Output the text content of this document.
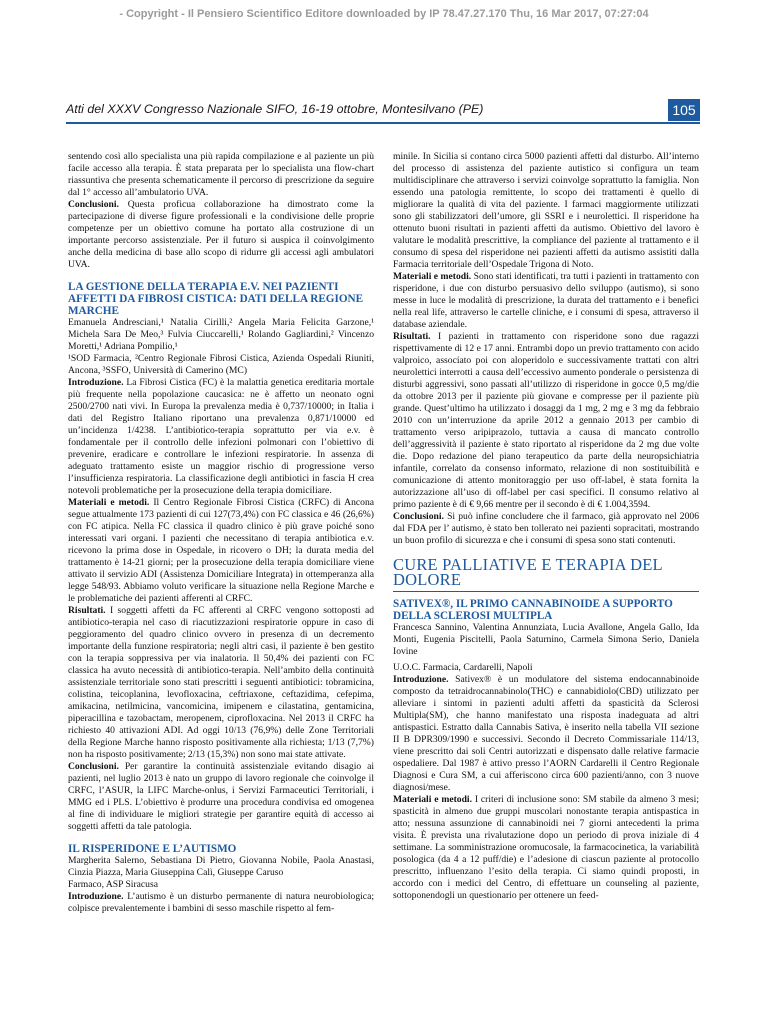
- Copyright - Il Pensiero Scientifico Editore downloaded by IP 78.47.27.170 Thu, 16 Mar 2017, 07:27:04
Atti del XXXV Congresso Nazionale SIFO, 16-19 ottobre, Montesilvano (PE)	105

sentendo così allo specialista una più rapida compilazione e al paziente un più facile accesso alla terapia. È stata preparata per lo specialista una flow-chart riassuntiva che presenta schematicamente il percorso di prescrizione da seguire dal 1° accesso all’ambulatorio UVA.

Conclusioni. Questa proficua collaborazione ha dimostrato come la partecipazione di diverse figure professionali e la condivisione delle proprie competenze per un obiettivo comune ha portato alla costruzione di un importante percorso assistenziale. Per il futuro si auspica il coinvolgimento anche della medicina di base allo scopo di ridurre gli accessi agli ambulatori UVA.

LA GESTIONE DELLA TERAPIA E.V. NEI PAZIENTI AFFETTI DA FIBROSI CISTICA: DATI DELLA REGIONE MARCHE

Emanuela Andresciani,¹ Natalia Cirilli,² Angela Maria Felicita Garzone,¹ Michela Sara De Meo,³ Fulvia Ciuccarelli,¹ Rolando Gagliardini,² Vincenzo Moretti,¹ Adriana Pompilio,¹

¹SOD Farmacia, ²Centro Regionale Fibrosi Cistica, Azienda Ospedali Riuniti, Ancona, ³SSFO, Università di Camerino (MC)

Introduzione. La Fibrosi Cistica (FC) è la malattia genetica ereditaria mortale più frequente nella popolazione caucasica: ne è affetto un neonato ogni 2500/2700 nati vivi. In Europa la prevalenza media è 0,737/10000; in Italia i dati del Registro Italiano riportano una prevalenza 0,871/10000 ed un’incidenza 1/4238. L’antibiotico-terapia soprattutto per via e.v. è fondamentale per il controllo delle infezioni polmonari con l’obiettivo di prevenire, eradicare e controllare le infezioni respiratorie. In assenza di adeguato trattamento esiste un maggior rischio di progressione verso l’insufficienza respiratoria. La classificazione degli antibiotici in fascia H crea notevoli problematiche per la prosecuzione della terapia domiciliare.

Materiali e metodi. Il Centro Regionale Fibrosi Cistica (CRFC) di Ancona segue attualmente 173 pazienti di cui 127(73,4%) con FC classica e 46 (26,6%) con FC atipica. Nella FC classica il quadro clinico è più grave poiché sono interessati vari organi. I pazienti che necessitano di terapia antibiotica e.v. ricevono la prima dose in Ospedale, in ricovero o DH; la durata media del trattamento è 14-21 giorni; per la prosecuzione della terapia domiciliare viene attivato il servizio ADI (Assistenza Domiciliare Integrata) in ottemperanza alla legge 548/93. Abbiamo voluto verificare la situazione nella Regione Marche e le problematiche dei pazienti afferenti al CRFC.

Risultati. I soggetti affetti da FC afferenti al CRFC vengono sottoposti ad antibiotico-terapia nel caso di riacutizzazioni respiratorie oppure in caso di peggioramento del quadro clinico ovvero in presenza di un decremento importante della funzione respiratoria; negli altri casi, il paziente è ben gestito con la terapia soppressiva per via inalatoria. Il 50,4% dei pazienti con FC classica ha avuto necessità di antibiotico-terapia. Nell’ambito della continuità assistenziale territoriale sono stati prescritti i seguenti antibiotici: tobramicina, colistina, teicoplanina, levofloxacina, ceftriaxone, ceftazidima, cefepima, amikacina, netilmicina, vancomicina, imipenem e cilastatina, gentamicina, piperacillina e tazobactam, meropenem, ciprofloxacina. Nel 2013 il CRFC ha richiesto 40 attivazioni ADI. Ad oggi 10/13 (76,9%) delle Zone Territoriali della Regione Marche hanno risposto positivamente alla richiesta; 1/13 (7,7%) non ha risposto positivamente; 2/13 (15,3%) non sono mai state attivate.

Conclusioni. Per garantire la continuità assistenziale evitando disagio ai pazienti, nel luglio 2013 è nato un gruppo di lavoro regionale che coinvolge il CRFC, l’ASUR, la LIFC Marche-onlus, i Servizi Farmaceutici Territoriali, i MMG ed i PLS. L’obiettivo è produrre una procedura condivisa ed omogenea al fine di individuare le migliori strategie per garantire equità di accesso ai soggetti affetti da tale patologia.

IL RISPERIDONE E L’AUTISMO

Margherita Salerno, Sebastiana Di Pietro, Giovanna Nobile, Paola Anastasi, Cinzia Piazza, Maria Giuseppina Calì, Giuseppe Caruso

Farmaco, ASP Siracusa

Introduzione. L’autismo è un disturbo permanente di natura neurobiologica; colpisce prevalentemente i bambini di sesso maschile rispetto al fem-

minile. In Sicilia si contano circa 5000 pazienti affetti dal disturbo. All’interno del processo di assistenza del paziente autistico si configura un team multidisciplinare che attraverso i servizi coinvolge soprattutto la famiglia. Non essendo una patologia remittente, lo scopo dei trattamenti è quello di migliorare la qualità di vita del paziente. I farmaci maggiormente utilizzati sono gli stabilizzatori dell’umore, gli SSRI e i neurolettici. Il risperidone ha ottenuto buoni risultati in pazienti affetti da autismo. Obiettivo del lavoro è valutare le modalità prescrittive, la compliance del paziente al trattamento e il consumo di spesa del risperidone nei pazienti affetti da autismo assistiti dalla Farmacia territoriale dell’Ospedale Trigona di Noto.

Materiali e metodi. Sono stati identificati, tra tutti i pazienti in trattamento con risperidone, i due con disturbo persuasivo dello sviluppo (autismo), si sono messe in luce le modalità di prescrizione, la durata del trattamento e i benefici nella real life, attraverso le cartelle cliniche, e i consumi di spesa, attraverso il database aziendale.

Risultati. I pazienti in trattamento con risperidone sono due ragazzi rispettivamente di 12 e 17 anni. Entrambi dopo un previo trattamento con acido valproico, associato poi con aloperidolo e successivamente trattati con altri neurolettici interrotti a causa dell’eccessivo aumento ponderale o persistenza di disturbi aggressivi, sono passati all’utilizzo di risperidone in gocce 0,5 mg/die da ottobre 2013 per il paziente più giovane e compresse per il paziente più grande. Quest’ultimo ha utilizzato i dosaggi da 1 mg, 2 mg e 3 mg da febbraio 2010 con un’interruzione da aprile 2012 a gennaio 2013 per cambio di trattamento verso aripiprazolo, tuttavia a causa di mancato controllo dell’aggressività il paziente è stato riportato al risperidone da 2 mg due volte die. Dopo redazione del piano terapeutico da parte della neuropsichiatria infantile, correlato da consenso informato, relazione di non sostituibilità e comunicazione di attento monitoraggio per uso off-label, è stata fornita la autorizzazione all’uso di off-label per casi specifici. Il consumo relativo al primo paziente è di € 9,66 mentre per il secondo è di € 1.004,3594.

Conclusioni. Si può infine concludere che il farmaco, già approvato nel 2006 dal FDA per l’ autismo, è stato ben tollerato nei pazienti sopracitati, mostrando un buon profilo di sicurezza e che i consumi di spesa sono stati contenuti.

CURE PALLIATIVE E TERAPIA DEL DOLORE
SATIVEX®, IL PRIMO CANNABINOIDE A SUPPORTO DELLA SCLEROSI MULTIPLA

Francesca Sannino, Valentina Annunziata, Lucia Avallone, Angela Gallo, Ida Monti, Eugenia Piscitelli, Paola Saturnino, Carmela Simona Serio, Daniela Iovine

U.O.C. Farmacia, Cardarelli, Napoli

Introduzione. Sativex® è un modulatore del sistema endocannabinoide composto da tetraidrocannabinolo(THC) e cannabidiolo(CBD) utilizzato per alleviare i sintomi in pazienti adulti affetti da spasticità da Sclerosi Multipla(SM), che hanno manifestato una risposta inadeguata ad altri antispastici. Estratto dalla Cannabis Sativa, è inserito nella tabella VII sezione II B DPR309/1990 e successivi. Secondo il Decreto Commissariale 114/13, viene prescritto dai soli Centri autorizzati e dispensato dalle relative farmacie ospedaliere. Dal 1987 è attivo presso l’AORN Cardarelli il Centro Regionale Diagnosi e Cura SM, a cui afferiscono circa 600 pazienti/anno, con 3 nuove diagnosi/mese.

Materiali e metodi. I criteri di inclusione sono: SM stabile da almeno 3 mesi; spasticità in almeno due gruppi muscolari nonostante terapia antispastica in atto; nessuna assunzione di cannabinoidi nei 7 giorni antecedenti la prima visita. È prevista una rivalutazione dopo un periodo di prova iniziale di 4 settimane. La somministrazione oromucosale, la farmacocinetica, la variabilità posologica (da 4 a 12 puff/die) e l’adesione di ciascun paziente al protocollo prescritto, influenzano l’esito della terapia. Ci siamo quindi proposti, in accordo con i medici del Centro, di effettuare un counseling al paziente, sottoponendogli un questionario per ottenere un feed-
